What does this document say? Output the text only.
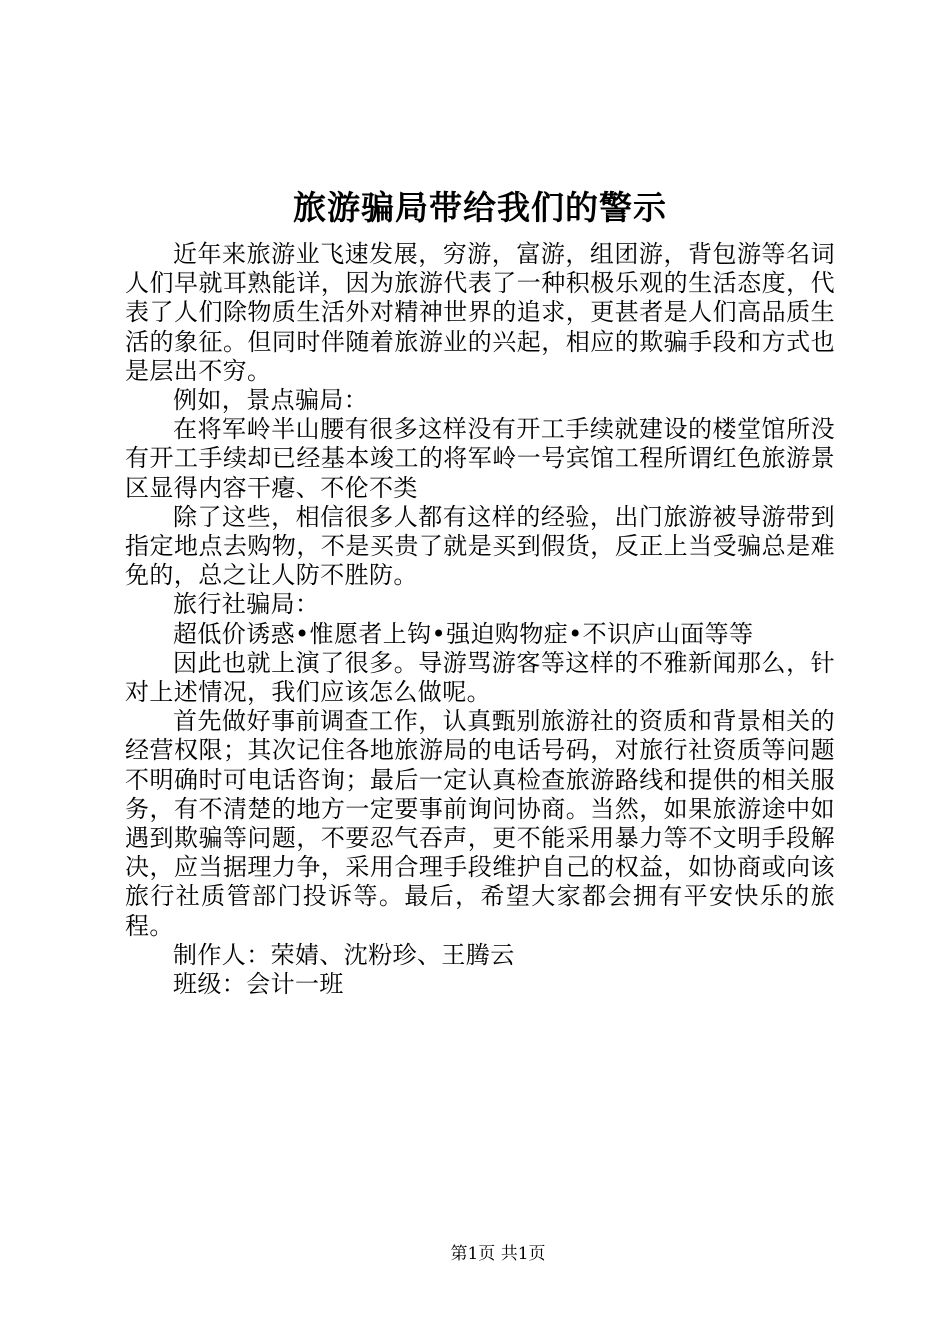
旅游骗局带给我们的警示

近年来旅游业飞速发展，穷游，富游，组团游，背包游等名词人们早就耳熟能详，因为旅游代表了一种积极乐观的生活态度，代表了人们除物质生活外对精神世界的追求，更甚者是人们高品质生活的象征。但同时伴随着旅游业的兴起，相应的欺骗手段和方式也是层出不穷。

例如，景点骗局：

在将军岭半山腰有很多这样没有开工手续就建设的楼堂馆所没有开工手续却已经基本竣工的将军岭一号宾馆工程所谓红色旅游景区显得内容干瘪、不伦不类

除了这些，相信很多人都有这样的经验，出门旅游被导游带到指定地点去购物，不是买贵了就是买到假货，反正上当受骗总是难免的，总之让人防不胜防。

旅行社骗局：

超低价诱惑•惟愿者上钩•强迫购物症•不识庐山面等等

因此也就上演了很多。导游骂游客等这样的不雅新闻那么，针对上述情况，我们应该怎么做呢。

首先做好事前调查工作，认真甄别旅游社的资质和背景相关的经营权限；其次记住各地旅游局的电话号码，对旅行社资质等问题不明确时可电话咨询；最后一定认真检查旅游路线和提供的相关服务，有不清楚的地方一定要事前询问协商。当然，如果旅游途中如遇到欺骗等问题，不要忍气吞声，更不能采用暴力等不文明手段解决，应当据理力争，采用合理手段维护自己的权益，如协商或向该旅行社质管部门投诉等。最后，希望大家都会拥有平安快乐的旅程。

制作人：荣婧、沈粉珍、王腾云

班级：会计一班

第1页 共1页
